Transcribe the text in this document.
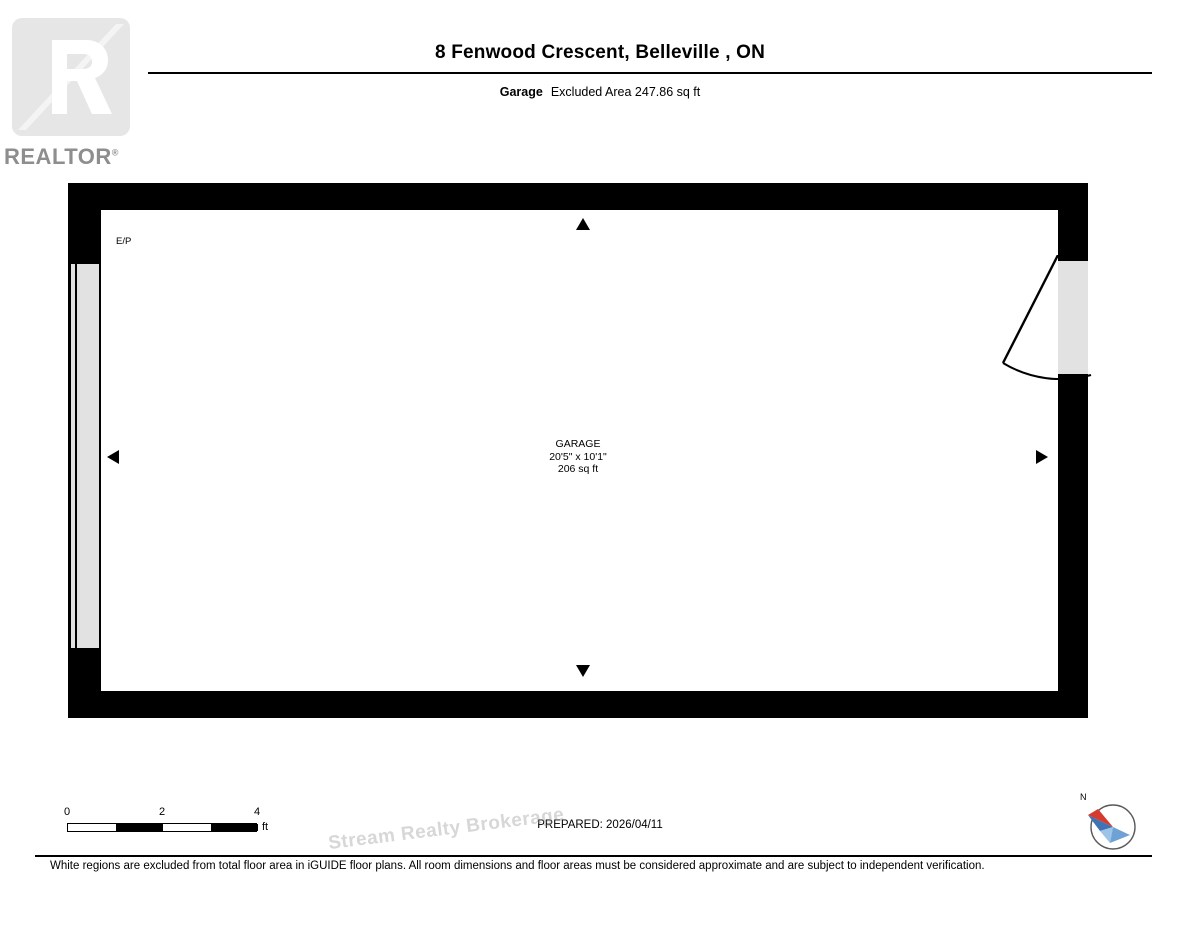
REALTOR®
8 Fenwood Crescent, Belleville , ON
Garage Excluded Area 247.86 sq ft
E/P
GARAGE
20'5" x 10'1"
206 sq ft
0	2	4
ft	PREPARED: 2026/04/11
N
Stream Realty Brokerage
White regions are excluded from total floor area in iGUIDE floor plans. All room dimensions and floor areas must be considered approximate and are subject to independent verification.
